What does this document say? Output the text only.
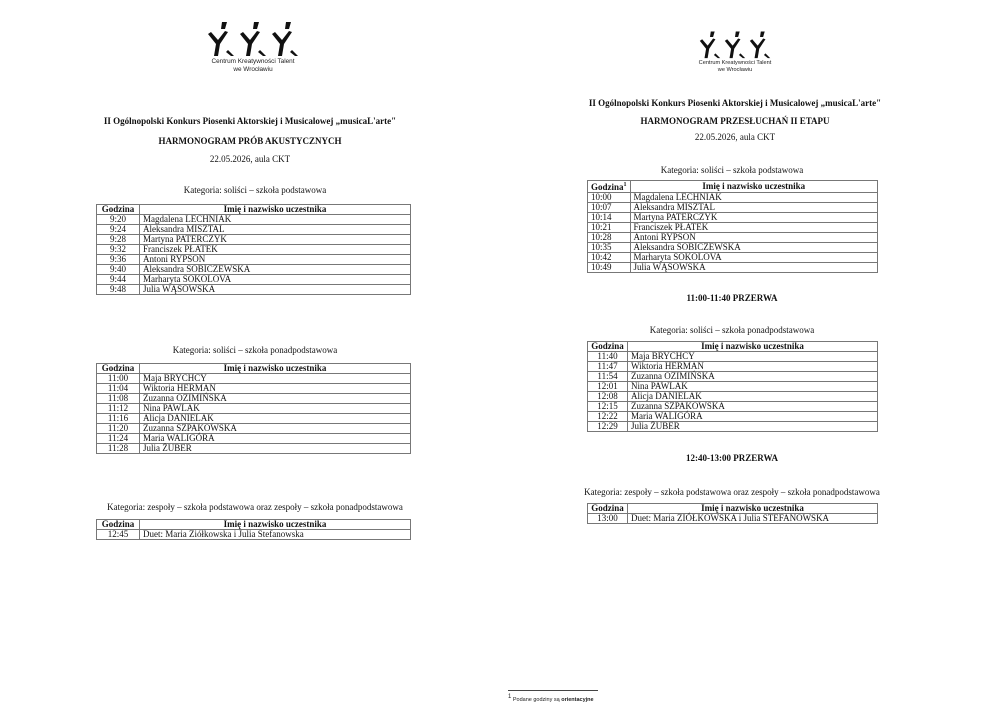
Centrum Kreatywności Talent
we Wrocławiu
II Ogólnopolski Konkurs Piosenki Aktorskiej i Musicalowej „musicaL'arte"
HARMONOGRAM PRÓB AKUSTYCZNYCH
22.05.2026, aula CKT
Kategoria: soliści – szkoła podstawowa
Godzina	Imię i nazwisko uczestnika
9:20	Magdalena LECHNIAK
9:24	Aleksandra MISZTAL
9:28	Martyna PATERCZYK
9:32	Franciszek PŁATEK
9:36	Antoni RYPSON
9:40	Aleksandra SOBICZEWSKA
9:44	Marharyta SOKOLOVA
9:48	Julia WĄSOWSKA
Kategoria: soliści – szkoła ponadpodstawowa
Godzina	Imię i nazwisko uczestnika
11:00	Maja BRYCHCY
11:04	Wiktoria HERMAN
11:08	Zuzanna OZIMIŃSKA
11:12	Nina PAWLAK
11:16	Alicja DANIELAK
11:20	Zuzanna SZPAKOWSKA
11:24	Maria WALIGÓRA
11:28	Julia ŻUBER
Kategoria: zespoły – szkoła podstawowa oraz zespoły – szkoła ponadpodstawowa
Godzina	Imię i nazwisko uczestnika
12:45	Duet: Maria Ziółkowska i Julia Stefanowska
Centrum Kreatywności Talent
we Wrocławiu
II Ogólnopolski Konkurs Piosenki Aktorskiej i Musicalowej „musicaL'arte"
HARMONOGRAM PRZESŁUCHAŃ II ETAPU
22.05.2026, aula CKT
Kategoria: soliści – szkoła podstawowa
Godzina$^1$	Imię i nazwisko uczestnika
10:00	Magdalena LECHNIAK
10:07	Aleksandra MISZTAL
10:14	Martyna PATERCZYK
10:21	Franciszek PŁATEK
10:28	Antoni RYPSON
10:35	Aleksandra SOBICZEWSKA
10:42	Marharyta SOKOLOVA
10:49	Julia WĄSOWSKA
11:00-11:40 PRZERWA
Kategoria: soliści – szkoła ponadpodstawowa
Godzina	Imię i nazwisko uczestnika
11:40	Maja BRYCHCY
11:47	Wiktoria HERMAN
11:54	Zuzanna OZIMIŃSKA
12:01	Nina PAWLAK
12:08	Alicja DANIELAK
12:15	Zuzanna SZPAKOWSKA
12:22	Maria WALIGÓRA
12:29	Julia ŻUBER
12:40-13:00 PRZERWA
Kategoria: zespoły – szkoła podstawowa oraz zespoły – szkoła ponadpodstawowa
Godzina	Imię i nazwisko uczestnika
13:00	Duet: Maria ZIÓŁKOWSKA i Julia STEFANOWSKA
$^1$ Podane godziny są orientacyjne
